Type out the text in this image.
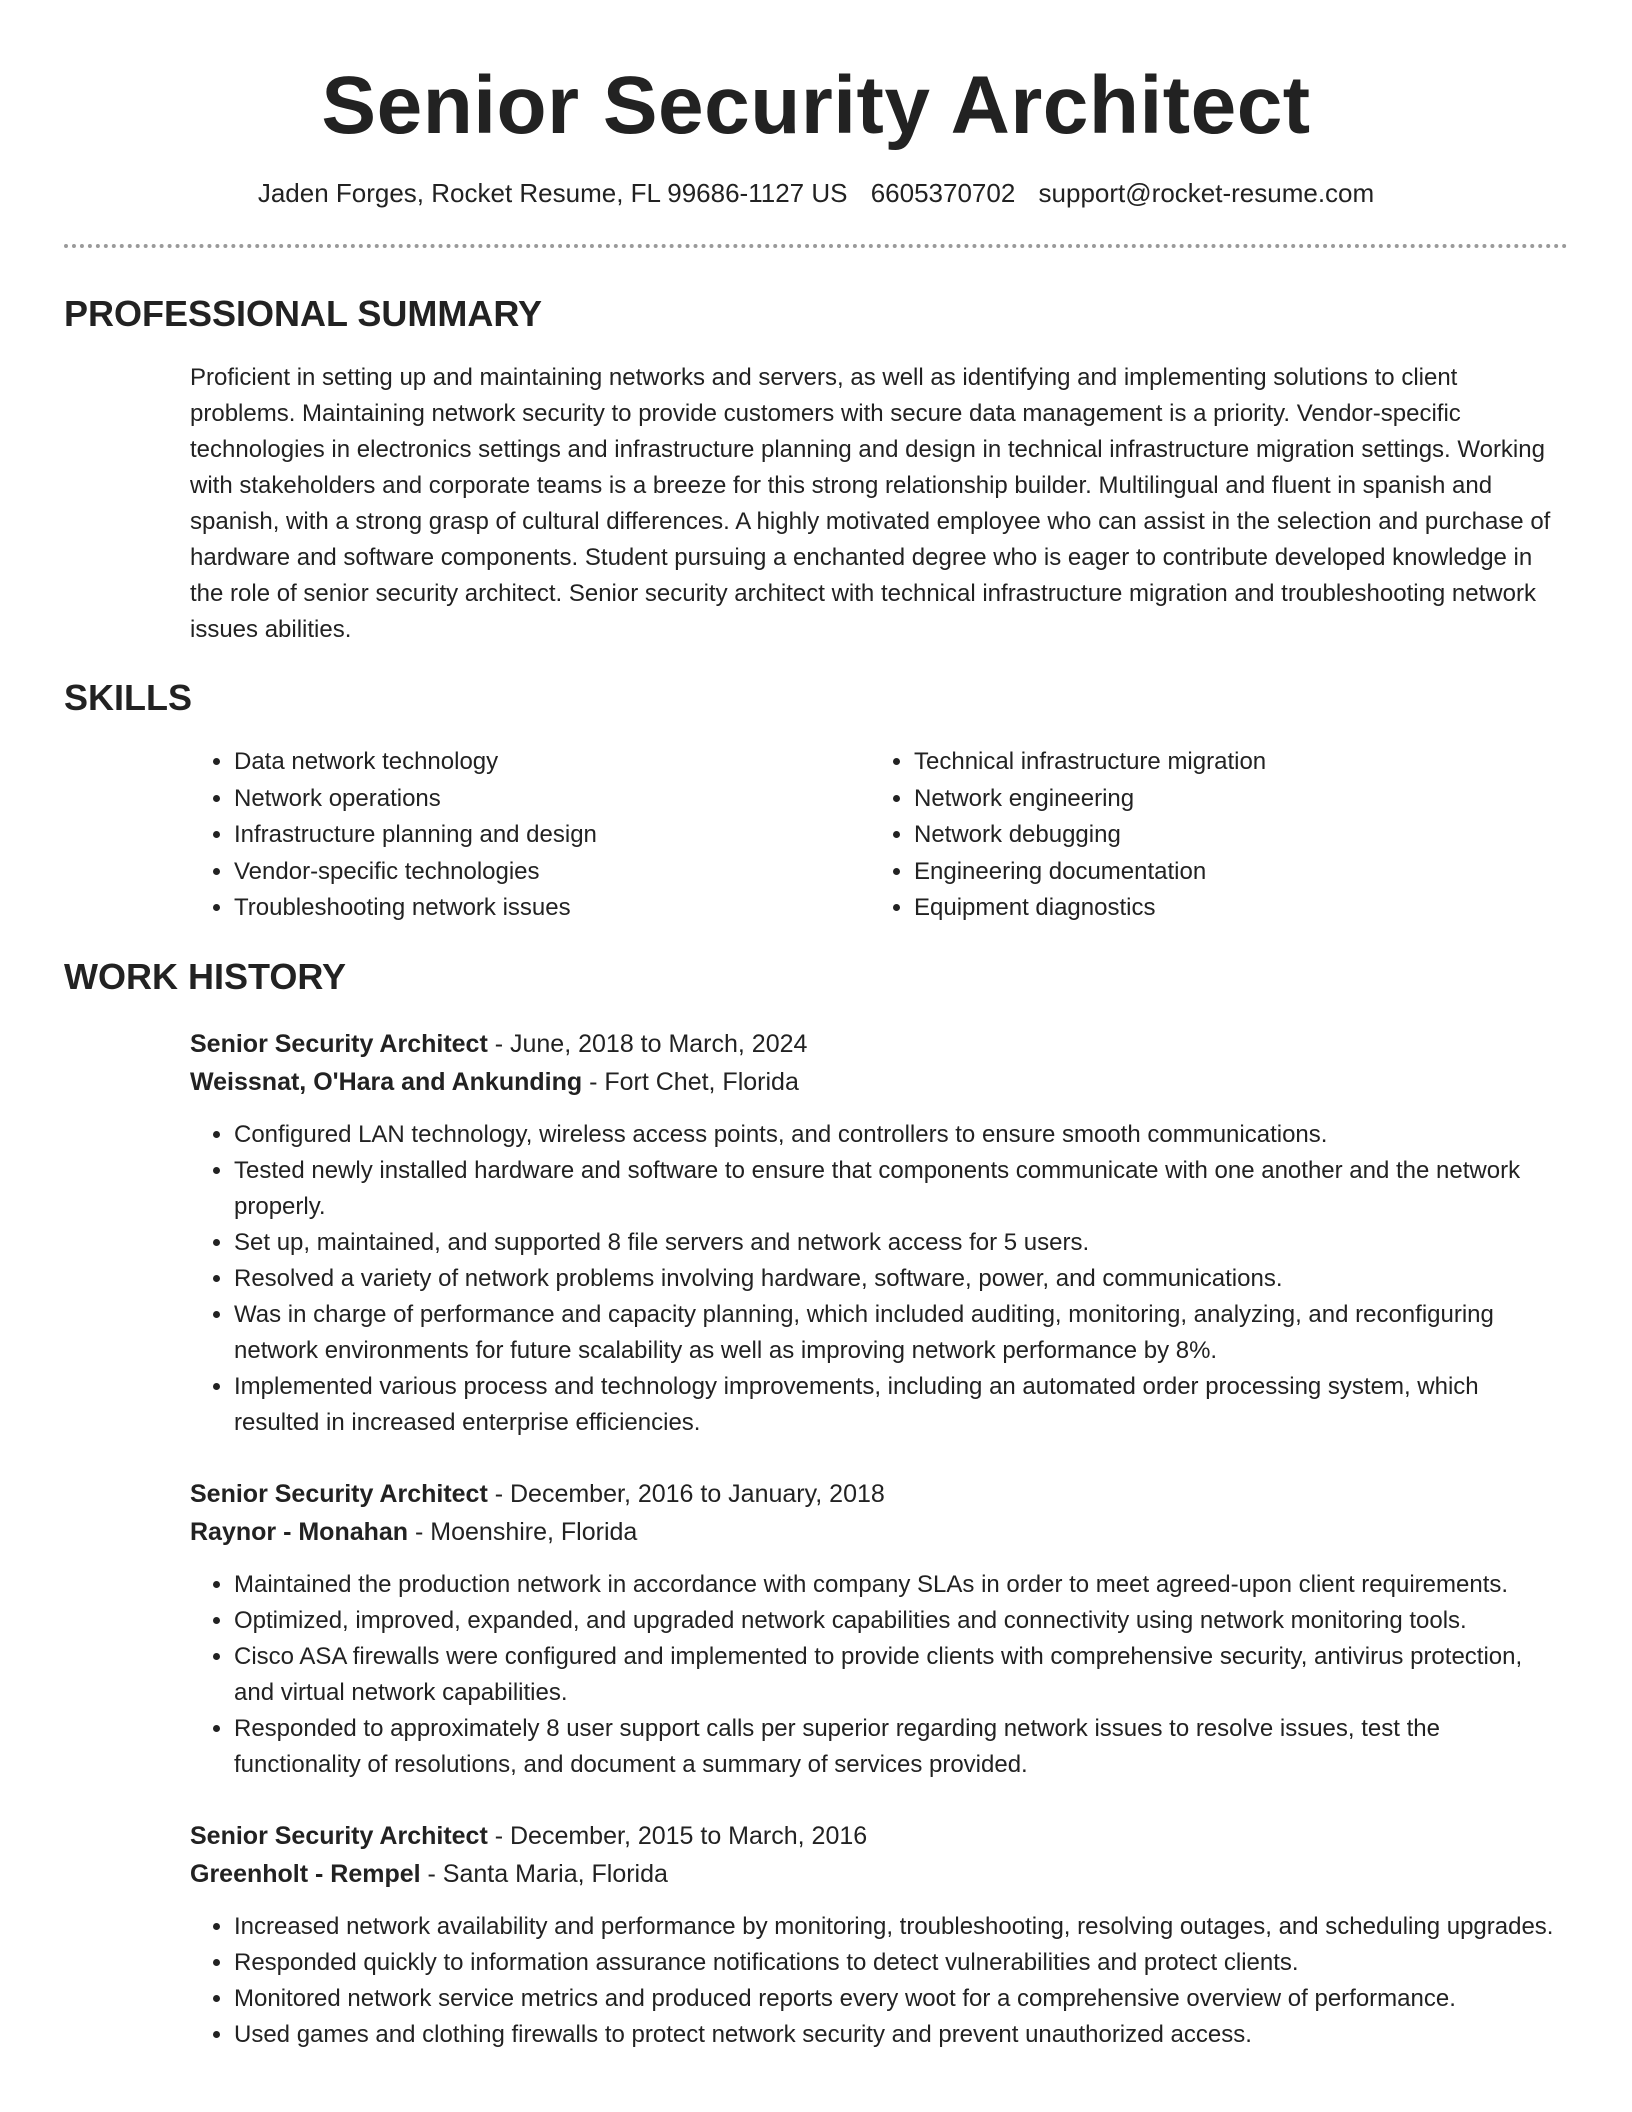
Senior Security Architect
Jaden Forges, Rocket Resume, FL 99686-1127 US 6605370702 support@rocket-resume.com
PROFESSIONAL SUMMARY

Proficient in setting up and maintaining networks and servers, as well as identifying and implementing solutions to client problems. Maintaining network security to provide customers with secure data management is a priority. Vendor-specific technologies in electronics settings and infrastructure planning and design in technical infrastructure migration settings. Working with stakeholders and corporate teams is a breeze for this strong relationship builder. Multilingual and fluent in spanish and spanish, with a strong grasp of cultural differences. A highly motivated employee who can assist in the selection and purchase of hardware and software components. Student pursuing a enchanted degree who is eager to contribute developed knowledge in the role of senior security architect. Senior security architect with technical infrastructure migration and troubleshooting network issues abilities.

SKILLS
• Data network technology
• Network operations
• Infrastructure planning and design
• Vendor-specific technologies
• Troubleshooting network issues
• Technical infrastructure migration
• Network engineering
• Network debugging
• Engineering documentation
• Equipment diagnostics
WORK HISTORY
Senior Security Architect - June, 2018 to March, 2024
Weissnat, O'Hara and Ankunding - Fort Chet, Florida
• Configured LAN technology, wireless access points, and controllers to ensure smooth communications.
• Tested newly installed hardware and software to ensure that components communicate with one another and the network properly.
• Set up, maintained, and supported 8 file servers and network access for 5 users.
• Resolved a variety of network problems involving hardware, software, power, and communications.
• Was in charge of performance and capacity planning, which included auditing, monitoring, analyzing, and reconfiguring network environments for future scalability as well as improving network performance by 8%.
• Implemented various process and technology improvements, including an automated order processing system, which resulted in increased enterprise efficiencies.
Senior Security Architect - December, 2016 to January, 2018
Raynor - Monahan - Moenshire, Florida
• Maintained the production network in accordance with company SLAs in order to meet agreed-upon client requirements.
• Optimized, improved, expanded, and upgraded network capabilities and connectivity using network monitoring tools.
• Cisco ASA firewalls were configured and implemented to provide clients with comprehensive security, antivirus protection, and virtual network capabilities.
• Responded to approximately 8 user support calls per superior regarding network issues to resolve issues, test the functionality of resolutions, and document a summary of services provided.
Senior Security Architect - December, 2015 to March, 2016
Greenholt - Rempel - Santa Maria, Florida
• Increased network availability and performance by monitoring, troubleshooting, resolving outages, and scheduling upgrades.
• Responded quickly to information assurance notifications to detect vulnerabilities and protect clients.
• Monitored network service metrics and produced reports every woot for a comprehensive overview of performance.
• Used games and clothing firewalls to protect network security and prevent unauthorized access.
